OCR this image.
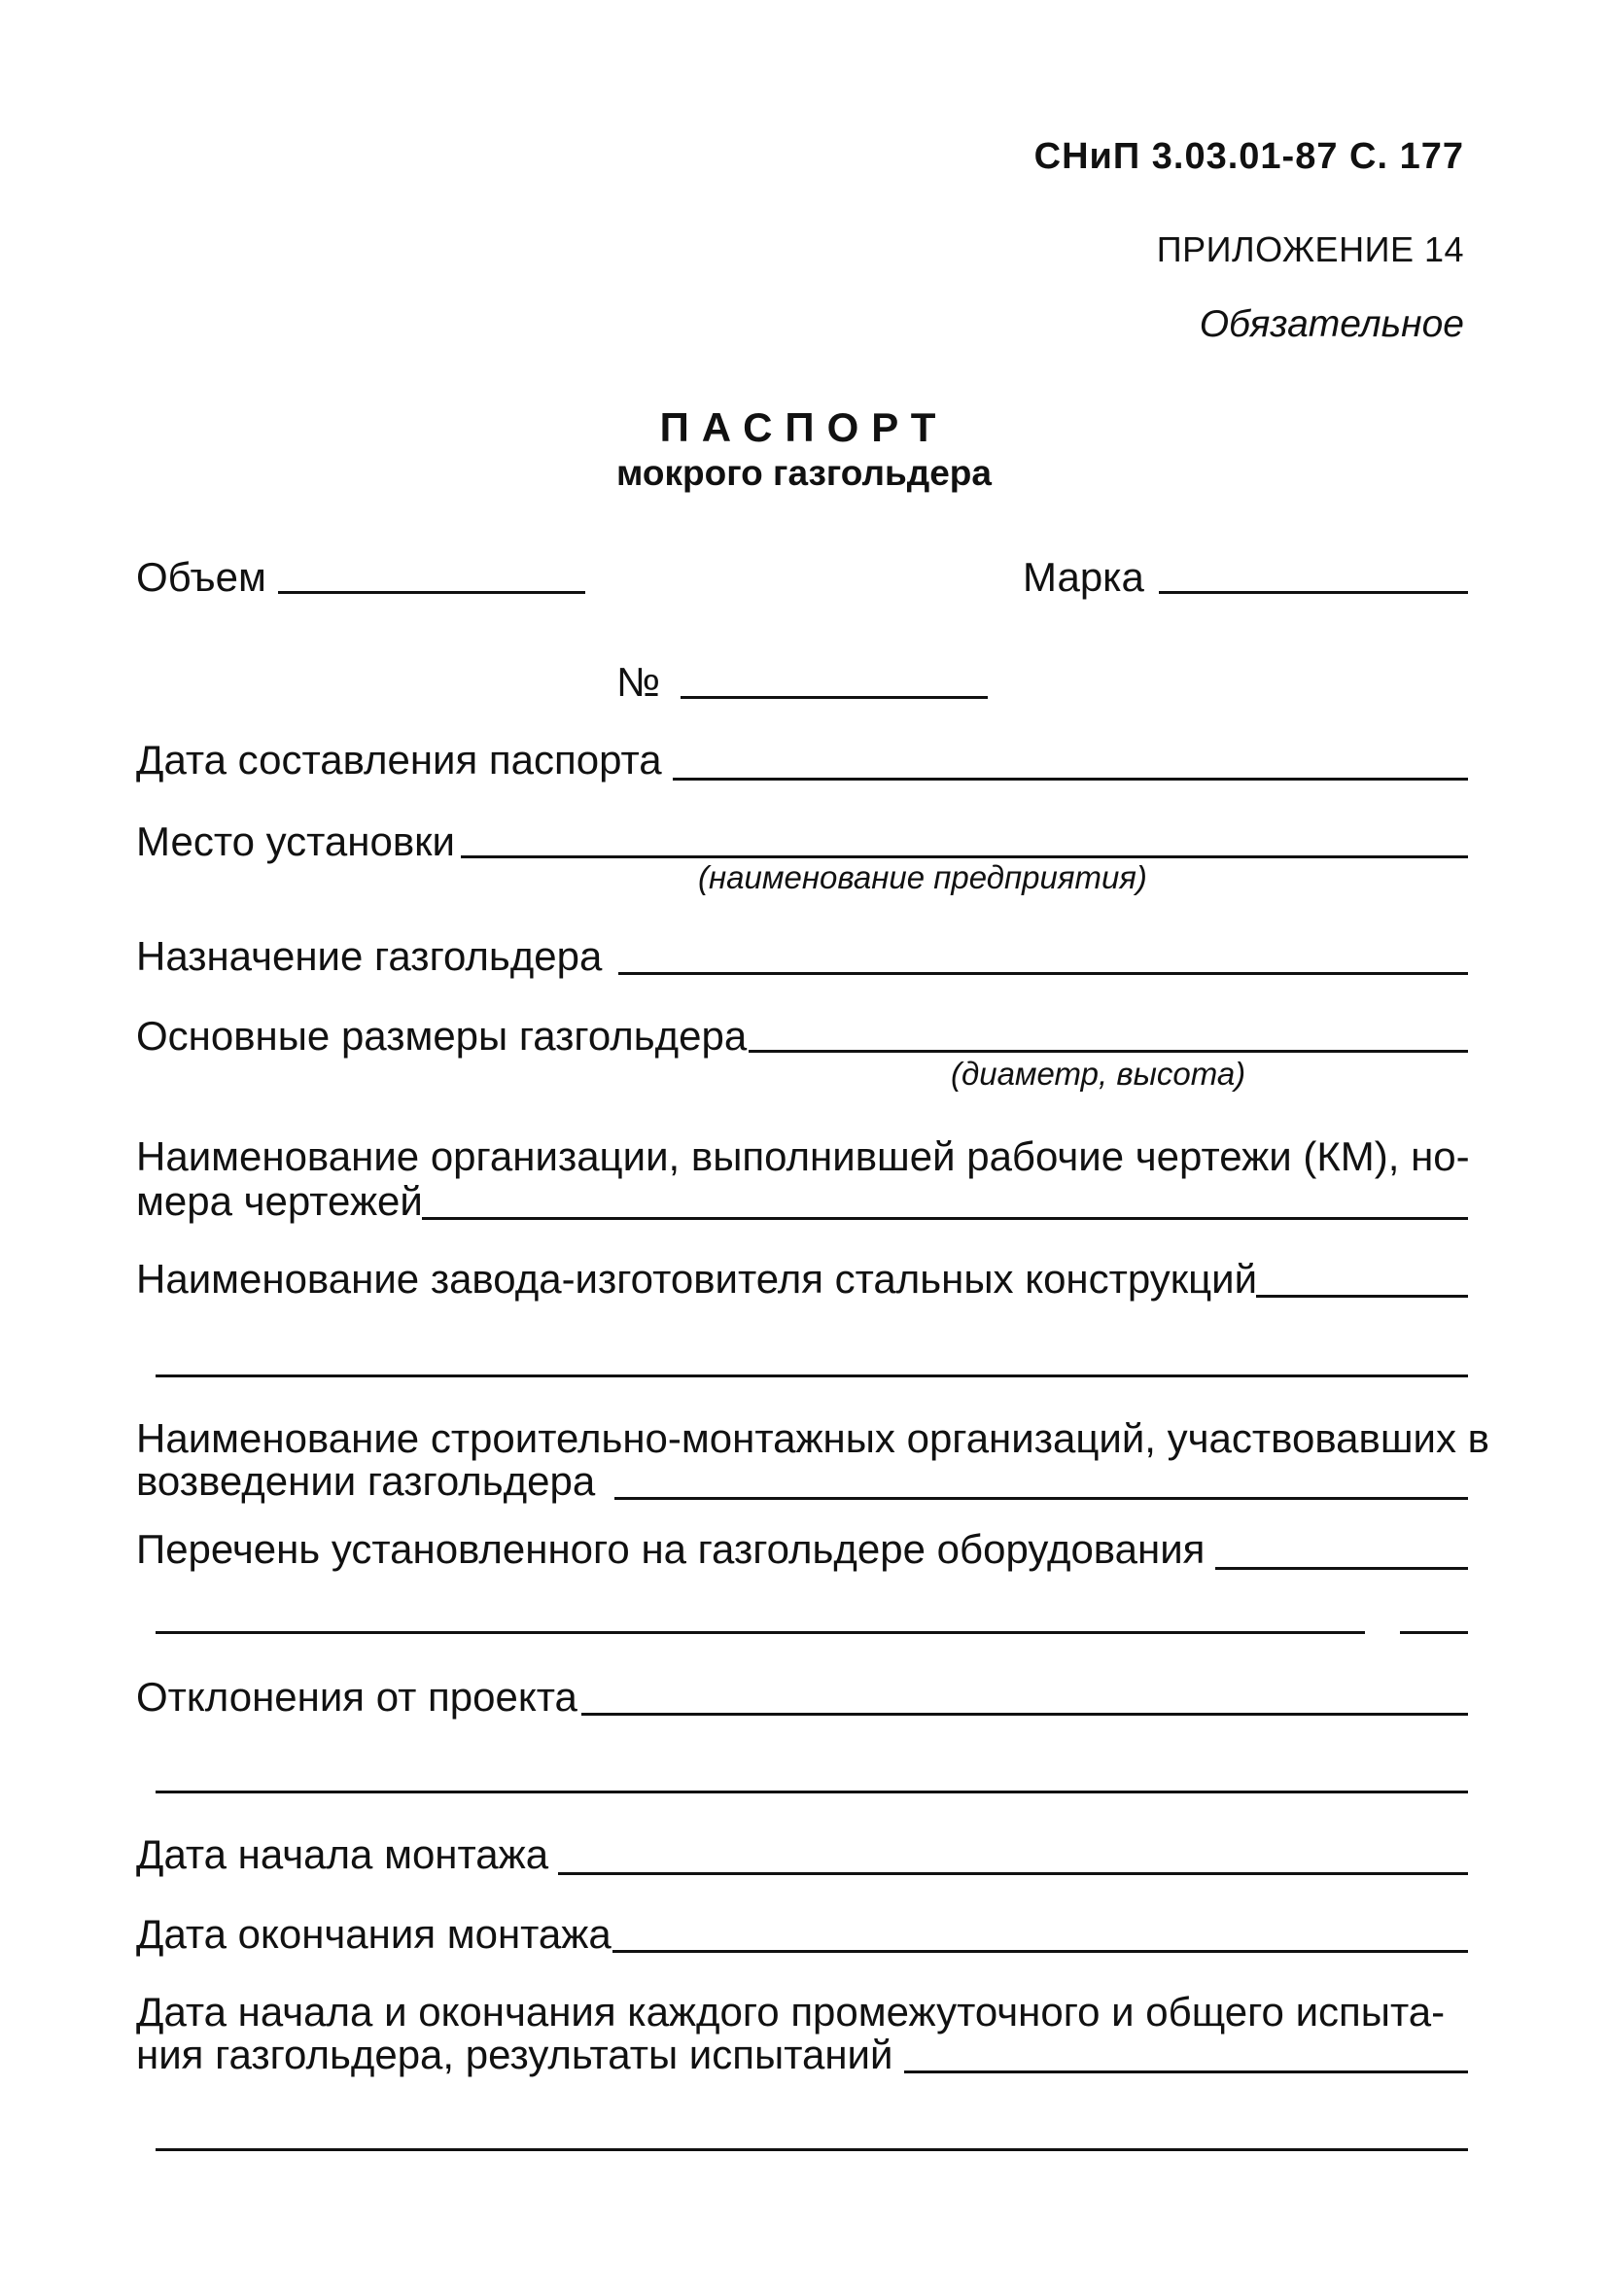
СНиП 3.03.01-87 С. 177
ПРИЛОЖЕНИЕ 14
Обязательное
ПАСПОРТ
мокрого газгольдера
Объем	Марка
№
Дата составления паспорта
Место установки
(наименование предприятия)
Назначение газгольдера
Основные размеры газгольдера
(диаметр, высота)
Наименование организации, выполнившей рабочие чертежи (КМ), но-
мера чертежей
Наименование завода-изготовителя стальных конструкций
Наименование строительно-монтажных организаций, участвовавших в
возведении газгольдера
Перечень установленного на газгольдере оборудования
Отклонения от проекта
Дата начала монтажа
Дата окончания монтажа
Дата начала и окончания каждого промежуточного и общего испыта-
ния газгольдера, результаты испытаний
